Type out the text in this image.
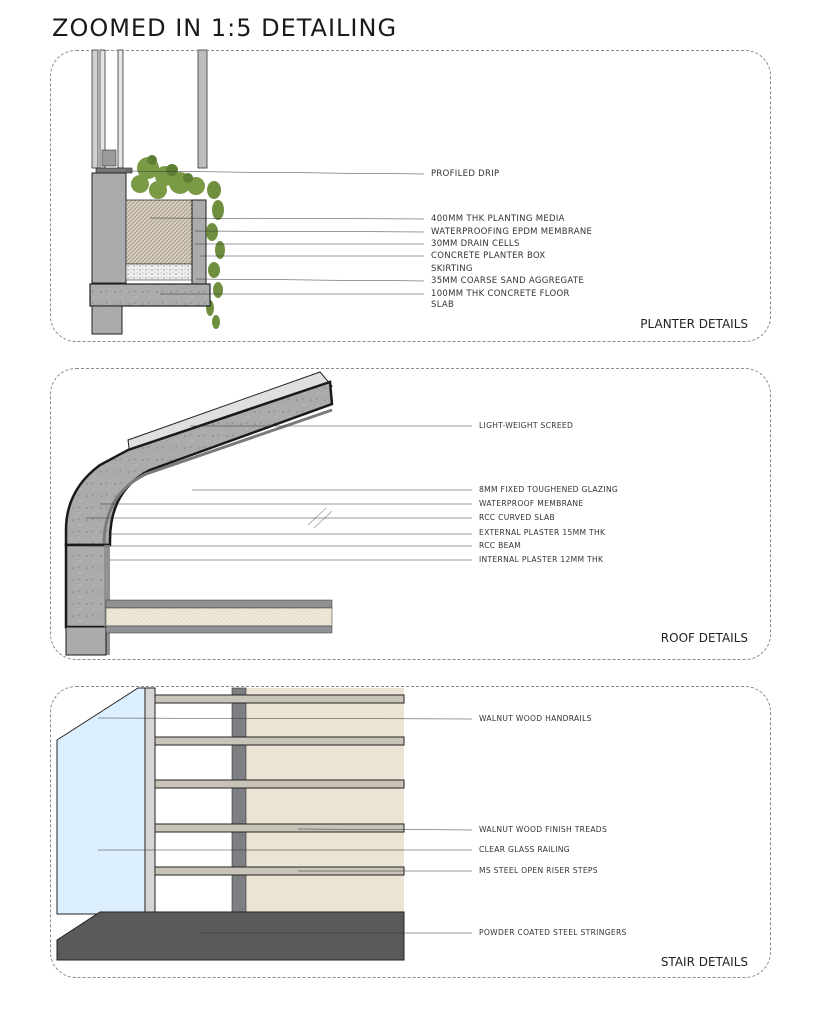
ZOOMED IN 1:5 DETAILING
PLANTER DETAILS
ROOF DETAILS
STAIR DETAILS
PROFILED DRIP
400MM THK PLANTING MEDIA
WATERPROOFING EPDM MEMBRANE
30MM DRAIN CELLS
CONCRETE PLANTER BOX
SKIRTING
35MM COARSE SAND AGGREGATE
100MM THK CONCRETE FLOOR
SLAB
LIGHT-WEIGHT SCREED
8MM FIXED TOUGHENED GLAZING
WATERPROOF MEMBRANE
RCC CURVED SLAB
EXTERNAL PLASTER 15MM THK
RCC BEAM
INTERNAL PLASTER 12MM THK
WALNUT WOOD HANDRAILS
WALNUT WOOD FINISH TREADS
CLEAR GLASS RAILING
MS STEEL OPEN RISER STEPS
POWDER COATED STEEL STRINGERS
